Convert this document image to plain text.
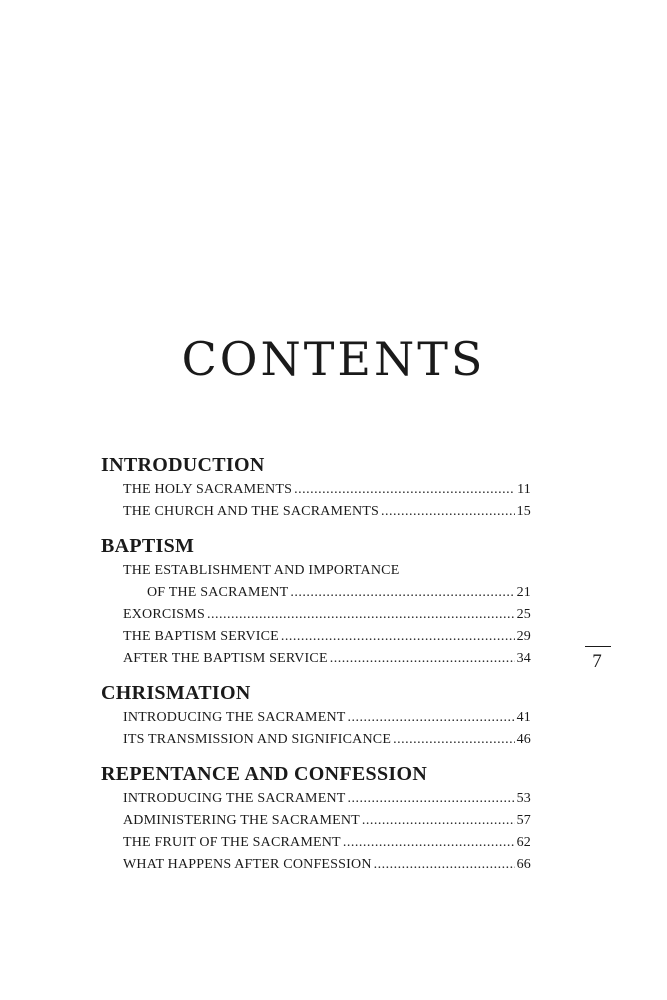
CONTENTS
INTRODUCTION
THE HOLY SACRAMENTS .....	11
THE CHURCH AND THE SACRAMENTS .....	15
BAPTISM
THE ESTABLISHMENT AND IMPORTANCE
OF THE SACRAMENT .....	21
EXORCISMS .....	25
THE BAPTISM SERVICE .....	29
AFTER THE BAPTISM SERVICE .....	34
CHRISMATION
INTRODUCING THE SACRAMENT .....	41
ITS TRANSMISSION AND SIGNIFICANCE .....	46
REPENTANCE AND CONFESSION
INTRODUCING THE SACRAMENT .....	53
ADMINISTERING THE SACRAMENT .....	57
THE FRUIT OF THE SACRAMENT .....	62
WHAT HAPPENS AFTER CONFESSION .....	66
7
